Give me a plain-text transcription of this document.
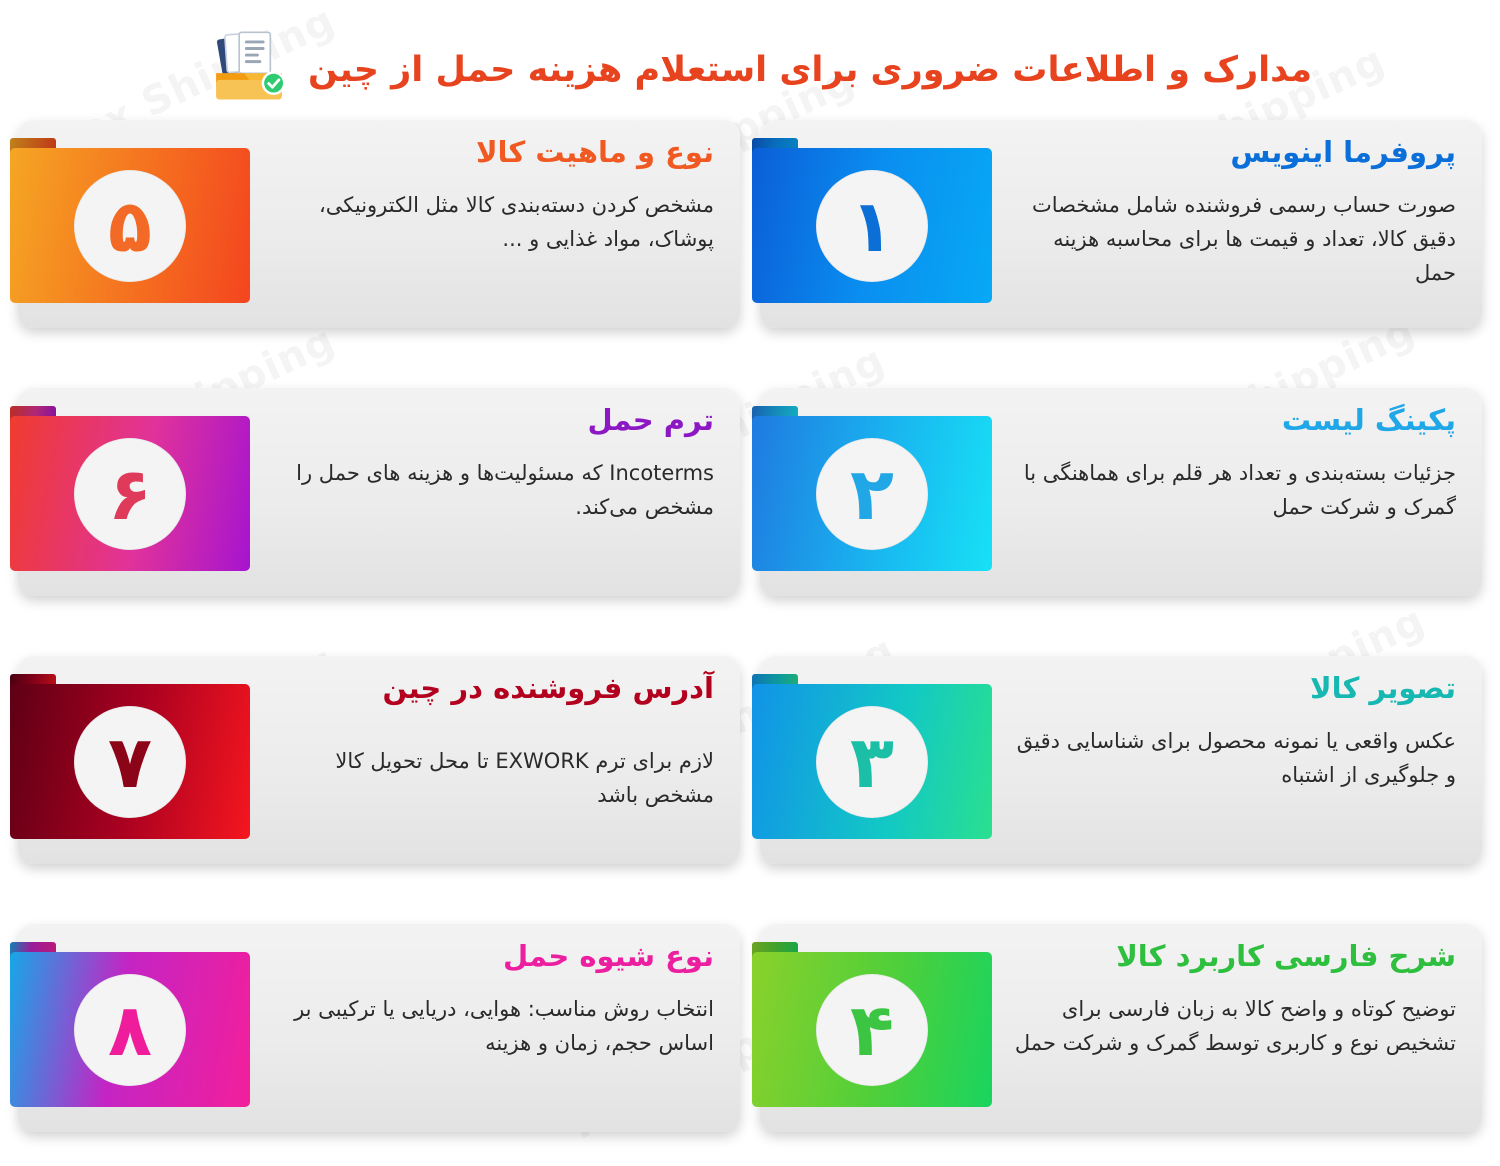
مدارک و اطلاعات ضروری برای استعلام هزینه حمل از چین
پروفرما اینویس
صورت حساب رسمی فروشنده شامل مشخصات دقیق کالا، تعداد و قیمت ها برای محاسبه هزینه حمل
۱
نوع و ماهیت کالا
مشخص کردن دسته‌بندی کالا مثل الکترونیکی، پوشاک، مواد غذایی و ...
۵
پکینگ لیست
جزئیات بسته‌بندی و تعداد هر قلم برای هماهنگی با گمرک و شرکت حمل
۲
ترم حمل
Incoterms که مسئولیت‌ها و هزینه های حمل را مشخص می‌کند.
۶
تصویر کالا
عکس واقعی یا نمونه محصول برای شناسایی دقیق و جلوگیری از اشتباه
۳
آدرس فروشنده در چین
لازم برای ترم EXWORK تا محل تحویل کالا مشخص باشد
۷
شرح فارسی کاربرد کالا
توضیح کوتاه و واضح کالا به زبان فارسی برای تشخیص نوع و کاربری توسط گمرک و شرکت حمل
۴
نوع شیوه حمل
انتخاب روش مناسب: هوایی، دریایی یا ترکیبی بر اساس حجم، زمان و هزینه
۸
